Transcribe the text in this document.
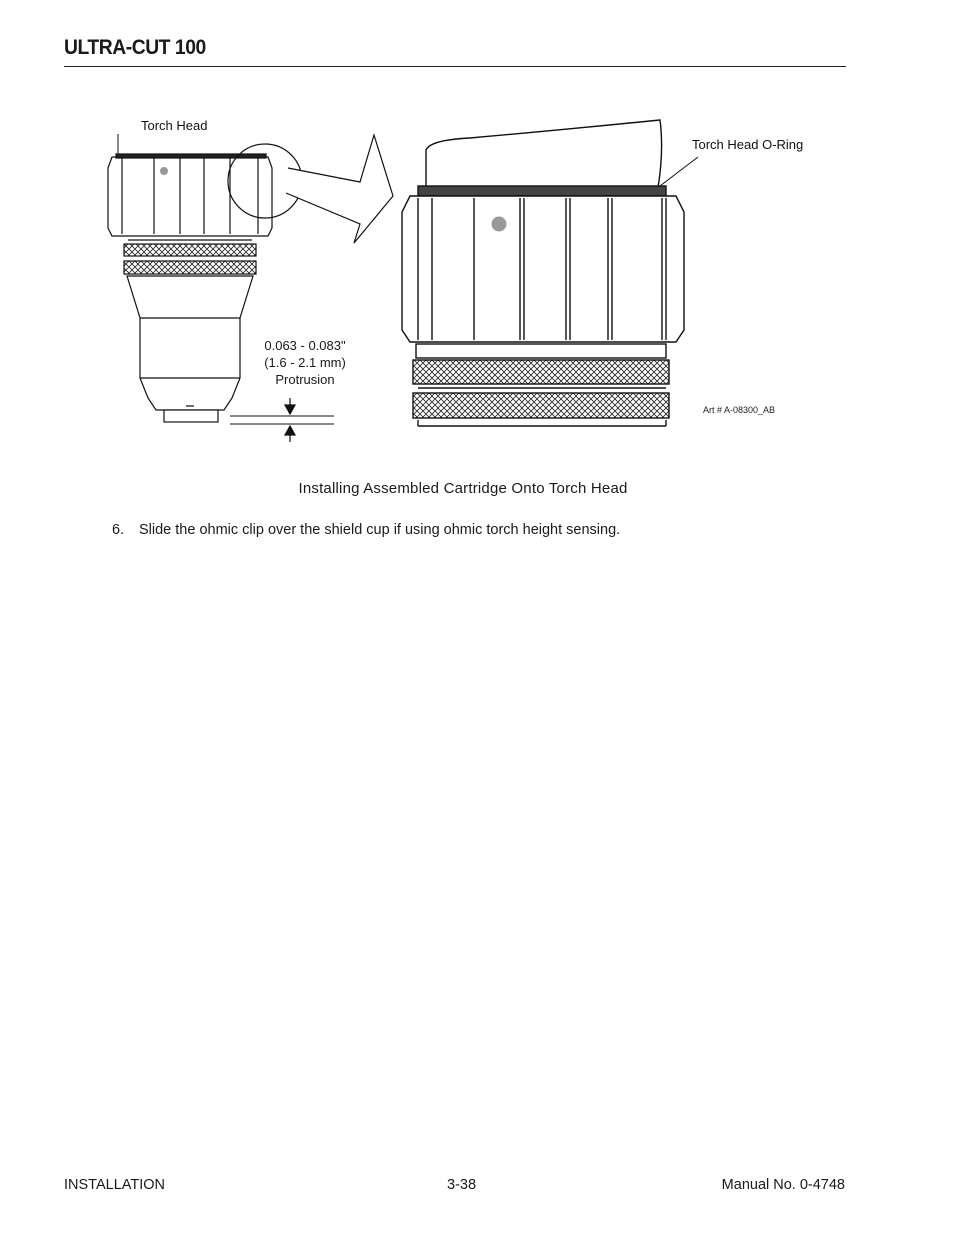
ULTRA-CUT 100
Torch Head
Torch Head O-Ring
0.063 - 0.083"
(1.6 - 2.1 mm)
Protrusion
Art # A-08300_AB
Installing Assembled Cartridge Onto Torch Head
6. Slide the ohmic clip over the shield cup if using ohmic torch height sensing.
INSTALLATION	3-38	Manual No. 0-4748
